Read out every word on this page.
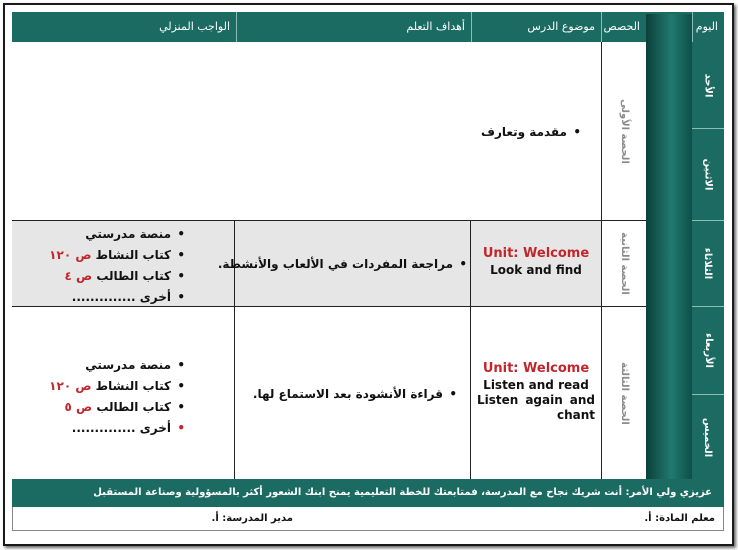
اليوم
الحصص
موضوع الدرس
أهداف التعلم
الواجب المنزلي
الأحد
الاثنين
الثلاثاء
الأربعاء
الخميس
• مقدمة وتعارف	الحصة الأولى
Unit: Welcome
Look and find
• مراجعة المفردات في الألعاب والأنشطة.
• منصة مدرستي
• كتاب النشاط ص ١٢٠
• كتاب الطالب ص ٤
• أخرى ..............
الحصة الثانية
Unit: Welcome
Listen and read
Listen again and
chant
• قراءة الأنشودة بعد الاستماع لها.
• منصة مدرستي
• كتاب النشاط ص ١٢٠
• كتاب الطالب ص ٥
• أخرى ..............
الحصة الثالثة
عزيزي ولي الأمر: أنت شريك نجاح مع المدرسة، فمتابعتك للخطة التعليمية يمنح ابنك الشعور أكثر بالمسؤولية وصناعة المستقبل
معلم المادة: أ.
مدير المدرسة: أ.
